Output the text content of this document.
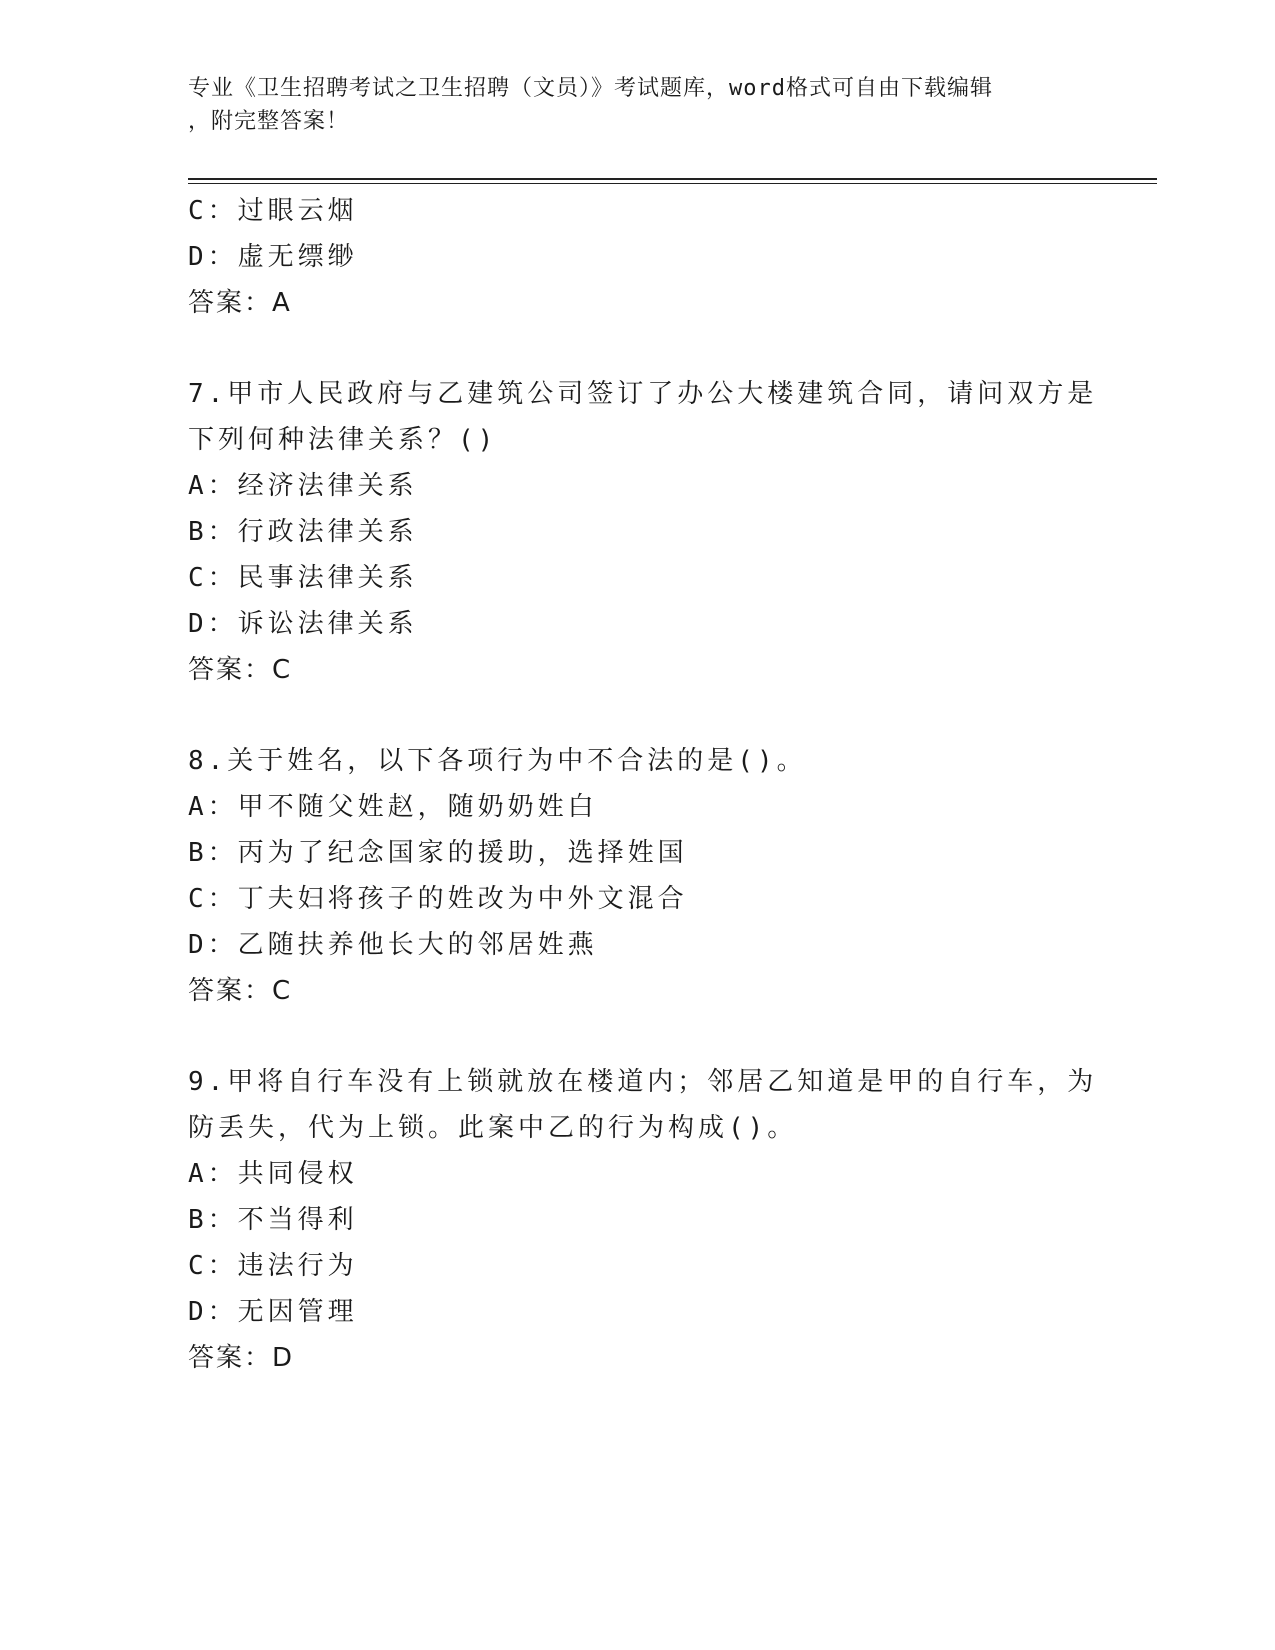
专业《卫生招聘考试之卫生招聘（文员）》考试题库，word格式可自由下载编辑
，附完整答案！
C：过眼云烟
D：虚无缥缈
答案：A
7.甲市人民政府与乙建筑公司签订了办公大楼建筑合同，请问双方是
下列何种法律关系？()
A：经济法律关系
B：行政法律关系
C：民事法律关系
D：诉讼法律关系
答案：C
8.关于姓名，以下各项行为中不合法的是()。
A：甲不随父姓赵，随奶奶姓白
B：丙为了纪念国家的援助，选择姓国
C：丁夫妇将孩子的姓改为中外文混合
D：乙随扶养他长大的邻居姓燕
答案：C
9.甲将自行车没有上锁就放在楼道内；邻居乙知道是甲的自行车，为
防丢失，代为上锁。此案中乙的行为构成()。
A：共同侵权
B：不当得利
C：违法行为
D：无因管理
答案：D
